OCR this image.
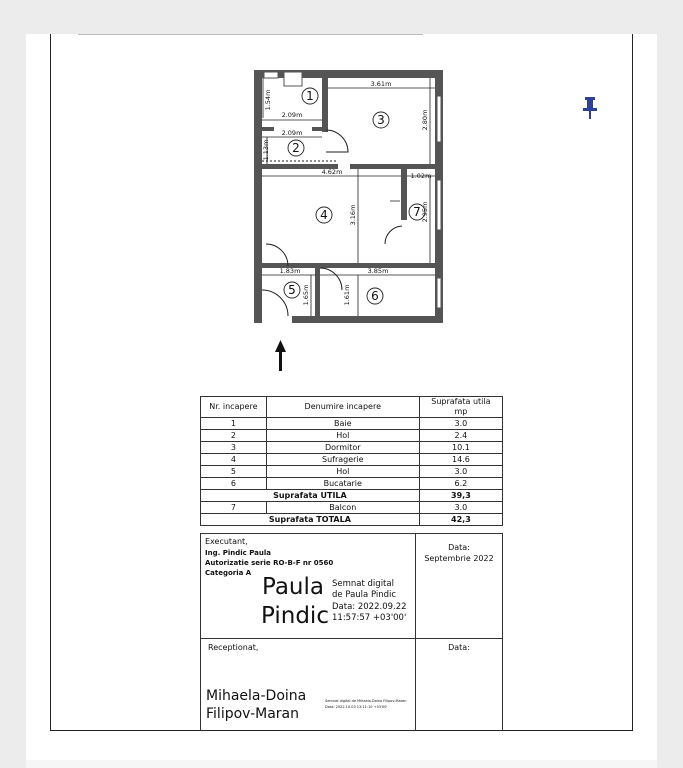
3.61m
2.09m
2.09m
1.54m
1.13m
2.80m
4.62m	1.02m
3.16m	2.95m
1.83m	3.85m
1.65m	1.61m
1
2
3
4
5	6
7
Nr. incapere	Denumire incapere	Suprafata utila
mp
1	Baie	3.0
2	Hol	2.4
3	Dormitor	10.1
4	Sufragerie	14.6
5	Hol	3.0
6	Bucatarie	6.2
Suprafata UTILA		39,3
7	Balcon	3.0
Suprafata TOTALA		42,3
Executant,
Ing. Pindic Paula
Autorizatie serie RO-B-F nr 0560
Categoria A
Paula
Pindic
Semnat digital
de Paula Pindic
Data: 2022.09.22
11:57:57 +03'00'
Data:
Septembrie 2022
Receptionat,
Mihaela-Doina
Filipov-Maran
Semnat digital de Mihaela-Doina Filipov-Maran
Data: 2022.10.03 13:11:10 +03'00'
Data:
